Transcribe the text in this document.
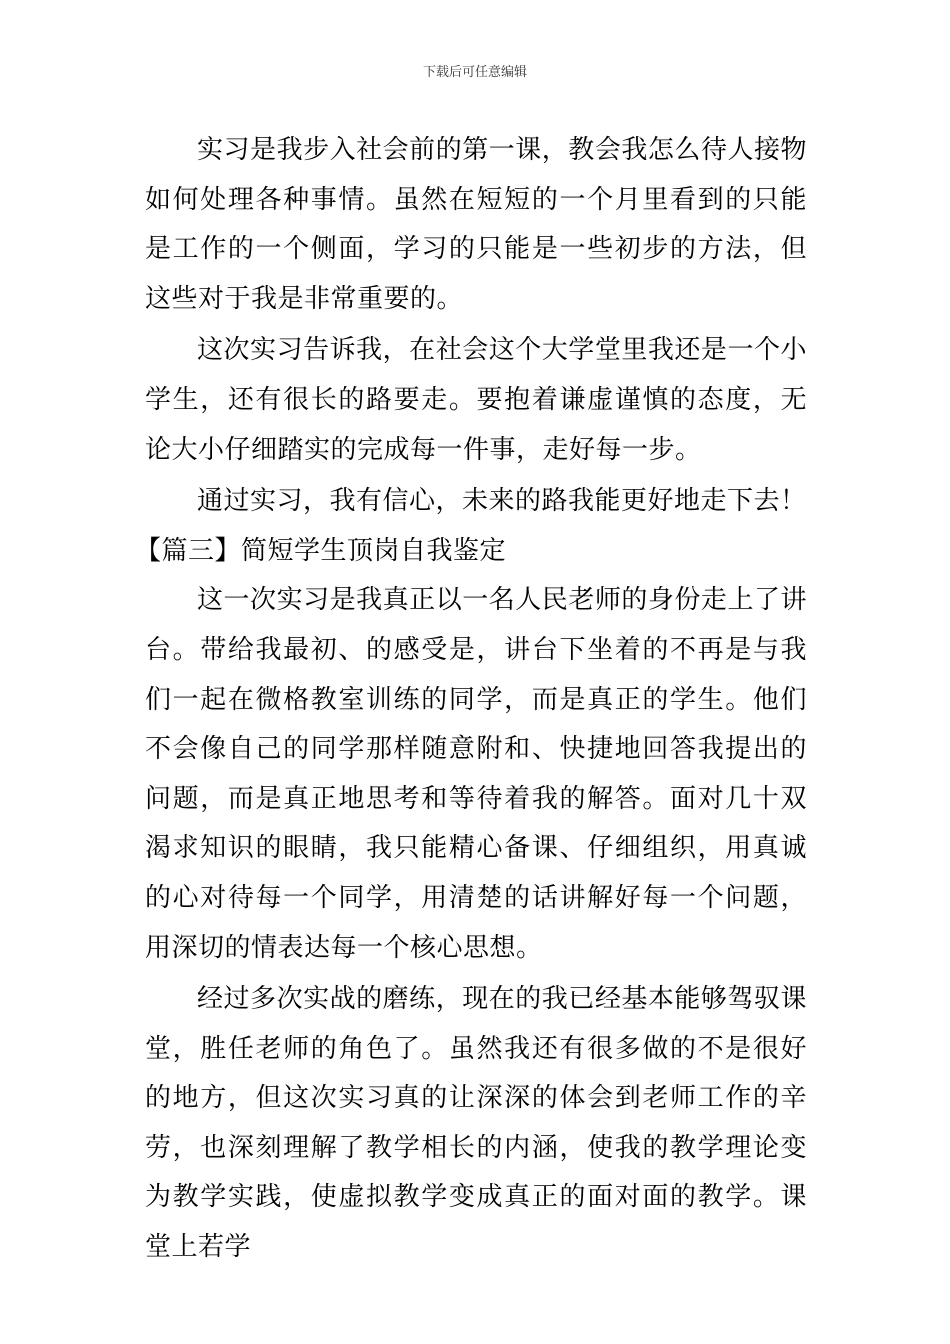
下载后可任意编辑

实习是我步入社会前的第一课，教会我怎么待人接物如何处理各种事情。虽然在短短的一个月里看到的只能是工作的一个侧面，学习的只能是一些初步的方法，但这些对于我是非常重要的。

这次实习告诉我，在社会这个大学堂里我还是一个小学生，还有很长的路要走。要抱着谦虚谨慎的态度，无论大小仔细踏实的完成每一件事，走好每一步。

通过实习，我有信心，未来的路我能更好地走下去！

【篇三】简短学生顶岗自我鉴定

这一次实习是我真正以一名人民老师的身份走上了讲台。带给我最初、的感受是，讲台下坐着的不再是与我们一起在微格教室训练的同学，而是真正的学生。他们不会像自己的同学那样随意附和、快捷地回答我提出的问题，而是真正地思考和等待着我的解答。面对几十双渴求知识的眼睛，我只能精心备课、仔细组织，用真诚的心对待每一个同学，用清楚的话讲解好每一个问题，用深切的情表达每一个核心思想。

经过多次实战的磨练，现在的我已经基本能够驾驭课堂，胜任老师的角色了。虽然我还有很多做的不是很好的地方，但这次实习真的让深深的体会到老师工作的辛劳，也深刻理解了教学相长的内涵，使我的教学理论变为教学实践，使虚拟教学变成真正的面对面的教学。课堂上若学
